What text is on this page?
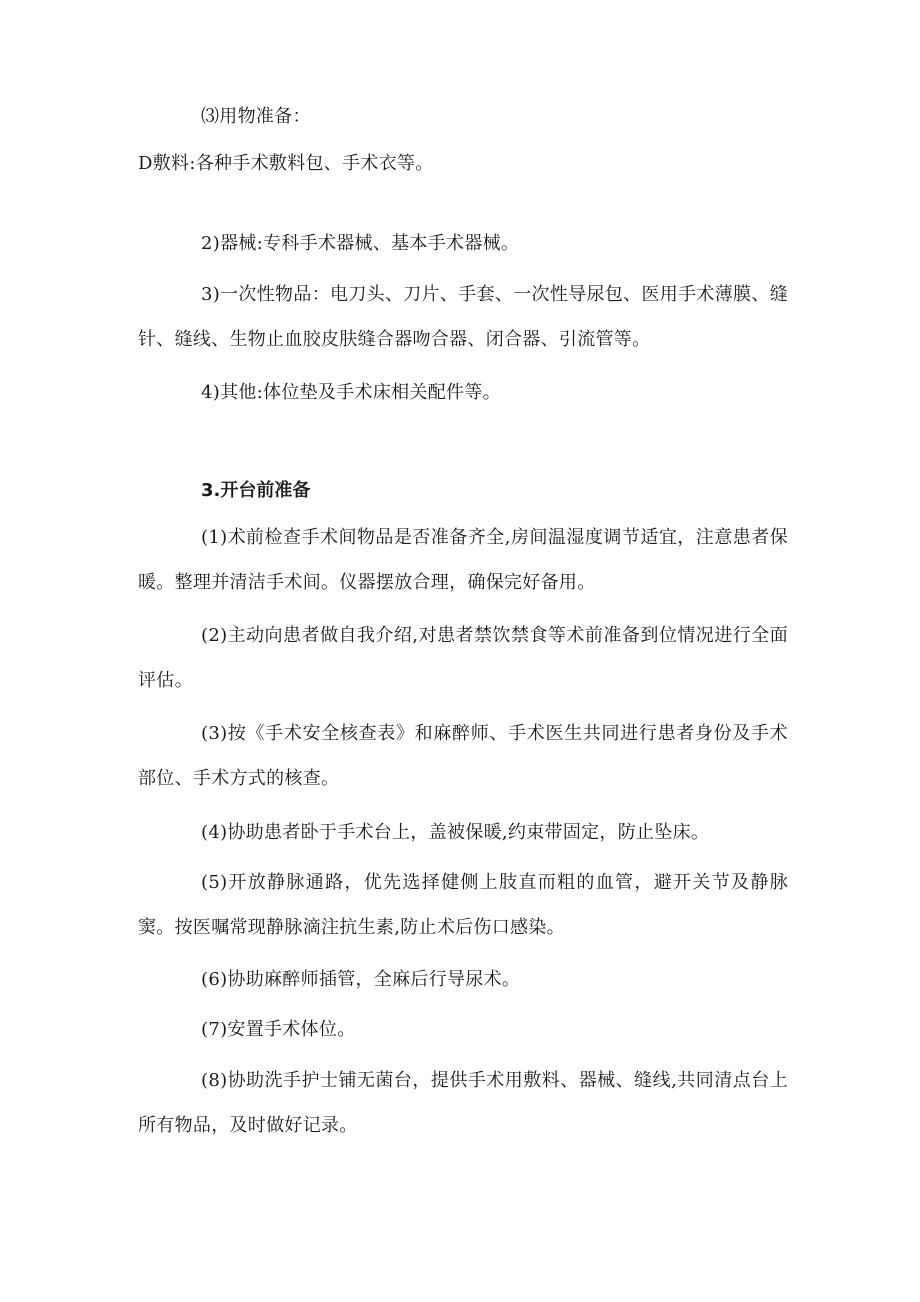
⑶用物准备：
D敷料:各种手术敷料包、手术衣等。
2)器械:专科手术器械、基本手术器械。
3)一次性物品：电刀头、刀片、手套、一次性导尿包、医用手术薄膜、缝针、缝线、生物止血胶皮肤缝合器吻合器、闭合器、引流管等。
4)其他:体位垫及手术床相关配件等。
3.开台前准备
(1)术前检查手术间物品是否准备齐全,房间温湿度调节适宜，注意患者保暖。整理并清洁手术间。仪器摆放合理，确保完好备用。
(2)主动向患者做自我介绍,对患者禁饮禁食等术前准备到位情况进行全面评估。
(3)按《手术安全核查表》和麻醉师、手术医生共同进行患者身份及手术部位、手术方式的核查。
(4)协助患者卧于手术台上，盖被保暖,约束带固定，防止坠床。
(5)开放静脉通路，优先选择健侧上肢直而粗的血管，避开关节及静脉窦。按医嘱常现静脉滴注抗生素,防止术后伤口感染。
(6)协助麻醉师插管，全麻后行导尿术。
(7)安置手术体位。
(8)协助洗手护士铺无菌台，提供手术用敷料、器械、缝线,共同清点台上所有物品，及时做好记录。
